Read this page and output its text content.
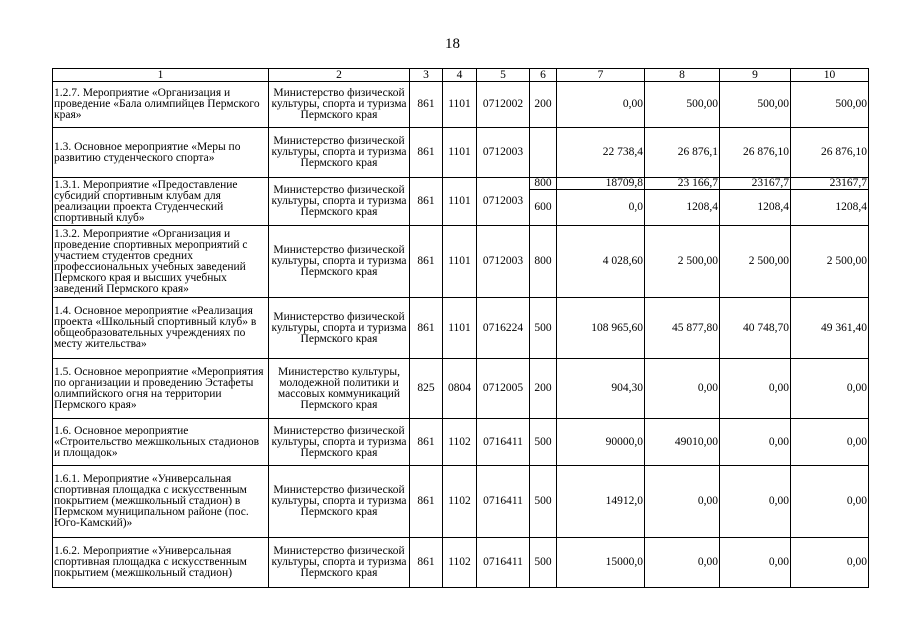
18
1	2	3	4	5	6	7	8	9	10
1.2.7. Мероприятие «Организация и проведение «Бала олимпийцев Пермского края»	Министерство физической культуры, спорта и туризма Пермского края	861	1101	0712002	200	0,00	500,00	500,00	500,00
1.3. Основное мероприятие «Меры по развитию студенческого спорта»	Министерство физической культуры, спорта и туризма Пермского края	861	1101	0712003		22 738,4	26 876,1	26 876,10	26 876,10
1.3.1. Мероприятие «Предоставление субсидий спортивным клубам для реализации проекта Студенческий спортивный клуб»	Министерство физической культуры, спорта и туризма Пермского края	861	1101	0712003	800	18709,8	23 166,7	23167,7	23167,7
					600	0,0	1208,4	1208,4	1208,4
1.3.2. Мероприятие «Организация и проведение спортивных мероприятий с участием студентов средних профессиональных учебных заведений Пермского края и высших учебных заведений Пермского края»	Министерство физической культуры, спорта и туризма Пермского края	861	1101	0712003	800	4 028,60	2 500,00	2 500,00	2 500,00
1.4. Основное мероприятие «Реализация проекта «Школьный спортивный клуб» в общеобразовательных учреждениях по месту жительства»	Министерство физической культуры, спорта и туризма Пермского края	861	1101	0716224	500	108 965,60	45 877,80	40 748,70	49 361,40
1.5. Основное мероприятие «Мероприятия по организации и проведению Эстафеты олимпийского огня на территории Пермского края»	Министерство культуры, молодежной политики и массовых коммуникаций Пермского края	825	0804	0712005	200	904,30	0,00	0,00	0,00
1.6. Основное мероприятие «Строительство межшкольных стадионов и площадок»	Министерство физической культуры, спорта и туризма Пермского края	861	1102	0716411	500	90000,0	49010,00	0,00	0,00
1.6.1. Мероприятие «Универсальная спортивная площадка с искусственным покрытием (межшкольный стадион) в Пермском муниципальном районе (пос. Юго-Камский)»	Министерство физической культуры, спорта и туризма Пермского края	861	1102	0716411	500	14912,0	0,00	0,00	0,00
1.6.2. Мероприятие «Универсальная спортивная площадка с искусственным покрытием (межшкольный стадион)	Министерство физической культуры, спорта и туризма Пермского края	861	1102	0716411	500	15000,0	0,00	0,00	0,00
